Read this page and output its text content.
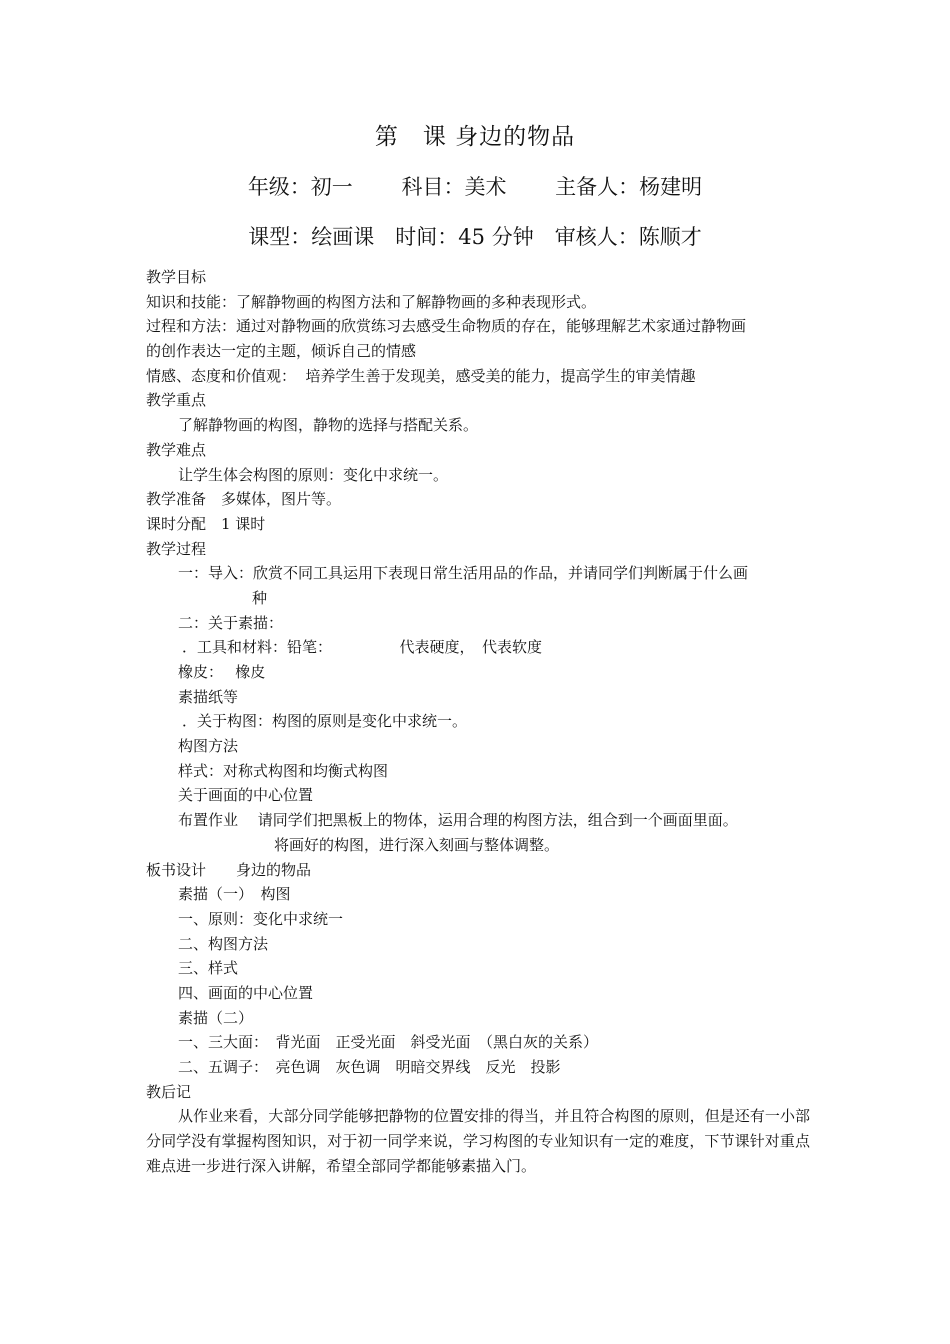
第　课 身边的物品
年级：初一　　 科目：美术　　 主备人：杨建明
课型：绘画课　时间：45 分钟　审核人：陈顺才
教学目标
知识和技能：了解静物画的构图方法和了解静物画的多种表现形式。
过程和方法：通过对静物画的欣赏练习去感受生命物质的存在，能够理解艺术家通过静物画
的创作表达一定的主题，倾诉自己的情感
情感、态度和价值观：  培养学生善于发现美，感受美的能力，提高学生的审美情趣
教学重点
了解静物画的构图，静物的选择与搭配关系。
教学难点
让学生体会构图的原则：变化中求统一。
教学准备　多媒体，图片等。
课时分配　1 课时
教学过程
一：导入：欣赏不同工具运用下表现日常生活用品的作品，并请同学们判断属于什么画
种
二：关于素描：
．工具和材料：铅笔：　　　　　代表硬度，　代表软度
橡皮：　 橡皮
素描纸等
．关于构图：构图的原则是变化中求统一。
构图方法
样式：对称式构图和均衡式构图
关于画面的中心位置
布置作业　 请同学们把黑板上的物体，运用合理的构图方法，组合到一个画面里面。
将画好的构图，进行深入刻画与整体调整。
板书设计　　身边的物品
素描（一）　构图
一、原则：变化中求统一
二、构图方法
三、样式
四、画面的中心位置
素描（二）
一、三大面：　背光面　正受光面　斜受光面　（黑白灰的关系）
二、五调子：　亮色调　灰色调　明暗交界线　反光　投影
教后记
从作业来看，大部分同学能够把静物的位置安排的得当，并且符合构图的原则，但是还有一小部分同学没有掌握构图知识，对于初一同学来说，学习构图的专业知识有一定的难度，下节课针对重点难点进一步进行深入讲解，希望全部同学都能够素描入门。
